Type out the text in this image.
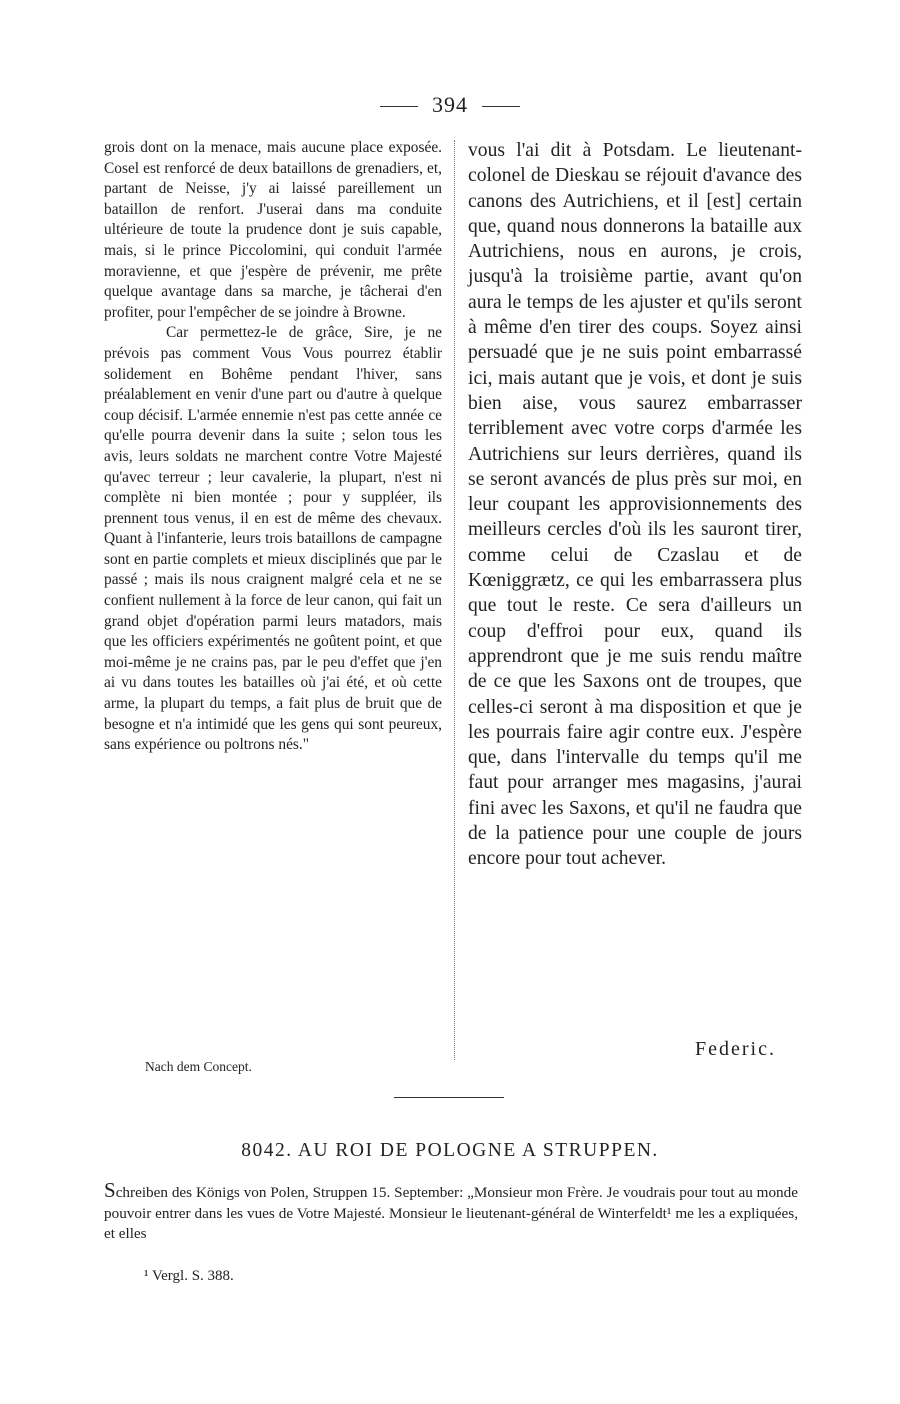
394

grois dont on la menace, mais aucune place exposée. Cosel est renforcé de deux bataillons de grenadiers, et, partant de Neisse, j'y ai laissé pareillement un bataillon de renfort. J'userai dans ma conduite ultérieure de toute la prudence dont je suis capable, mais, si le prince Piccolomini, qui conduit l'armée moravienne, et que j'espère de prévenir, me prête quelque avantage dans sa marche, je tâcherai d'en profiter, pour l'empêcher de se joindre à Browne.

Car permettez-le de grâce, Sire, je ne prévois pas comment Vous Vous pourrez établir solidement en Bohême pendant l'hiver, sans préalablement en venir d'une part ou d'autre à quelque coup décisif. L'armée ennemie n'est pas cette année ce qu'elle pourra devenir dans la suite ; selon tous les avis, leurs soldats ne marchent contre Votre Majesté qu'avec terreur ; leur cavalerie, la plupart, n'est ni complète ni bien montée ; pour y suppléer, ils prennent tous venus, il en est de même des chevaux. Quant à l'infanterie, leurs trois bataillons de campagne sont en partie complets et mieux disciplinés que par le passé ; mais ils nous craignent malgré cela et ne se confient nullement à la force de leur canon, qui fait un grand objet d'opération parmi leurs matadors, mais que les officiers expérimentés ne goûtent point, et que moi-même je ne crains pas, par le peu d'effet que j'en ai vu dans toutes les batailles où j'ai été, et où cette arme, la plupart du temps, a fait plus de bruit que de besogne et n'a intimidé que les gens qui sont peureux, sans expérience ou poltrons nés."

vous l'ai dit à Potsdam. Le lieutenant-colonel de Dieskau se réjouit d'avance des canons des Autrichiens, et il [est] certain que, quand nous donnerons la bataille aux Autrichiens, nous en aurons, je crois, jusqu'à la troisième partie, avant qu'on aura le temps de les ajuster et qu'ils seront à même d'en tirer des coups. Soyez ainsi persuadé que je ne suis point embarrassé ici, mais autant que je vois, et dont je suis bien aise, vous saurez embarrasser terriblement avec votre corps d'armée les Autrichiens sur leurs derrières, quand ils se seront avancés de plus près sur moi, en leur coupant les approvisionnements des meilleurs cercles d'où ils les sauront tirer, comme celui de Czaslau et de Kœniggrætz, ce qui les embarrassera plus que tout le reste. Ce sera d'ailleurs un coup d'effroi pour eux, quand ils apprendront que je me suis rendu maître de ce que les Saxons ont de troupes, que celles-ci seront à ma disposition et que je les pourrais faire agir contre eux. J'espère que, dans l'intervalle du temps qu'il me faut pour arranger mes magasins, j'aurai fini avec les Saxons, et qu'il ne faudra que de la patience pour une couple de jours encore pour tout achever.

Federic.
Nach dem Concept.
8042. AU ROI DE POLOGNE A STRUPPEN.

Schreiben des Königs von Polen, Struppen 15. September: „Monsieur mon Frère. Je voudrais pour tout au monde pouvoir entrer dans les vues de Votre Majesté. Monsieur le lieutenant-général de Winterfeldt¹ me les a expliquées, et elles

¹ Vergl. S. 388.
